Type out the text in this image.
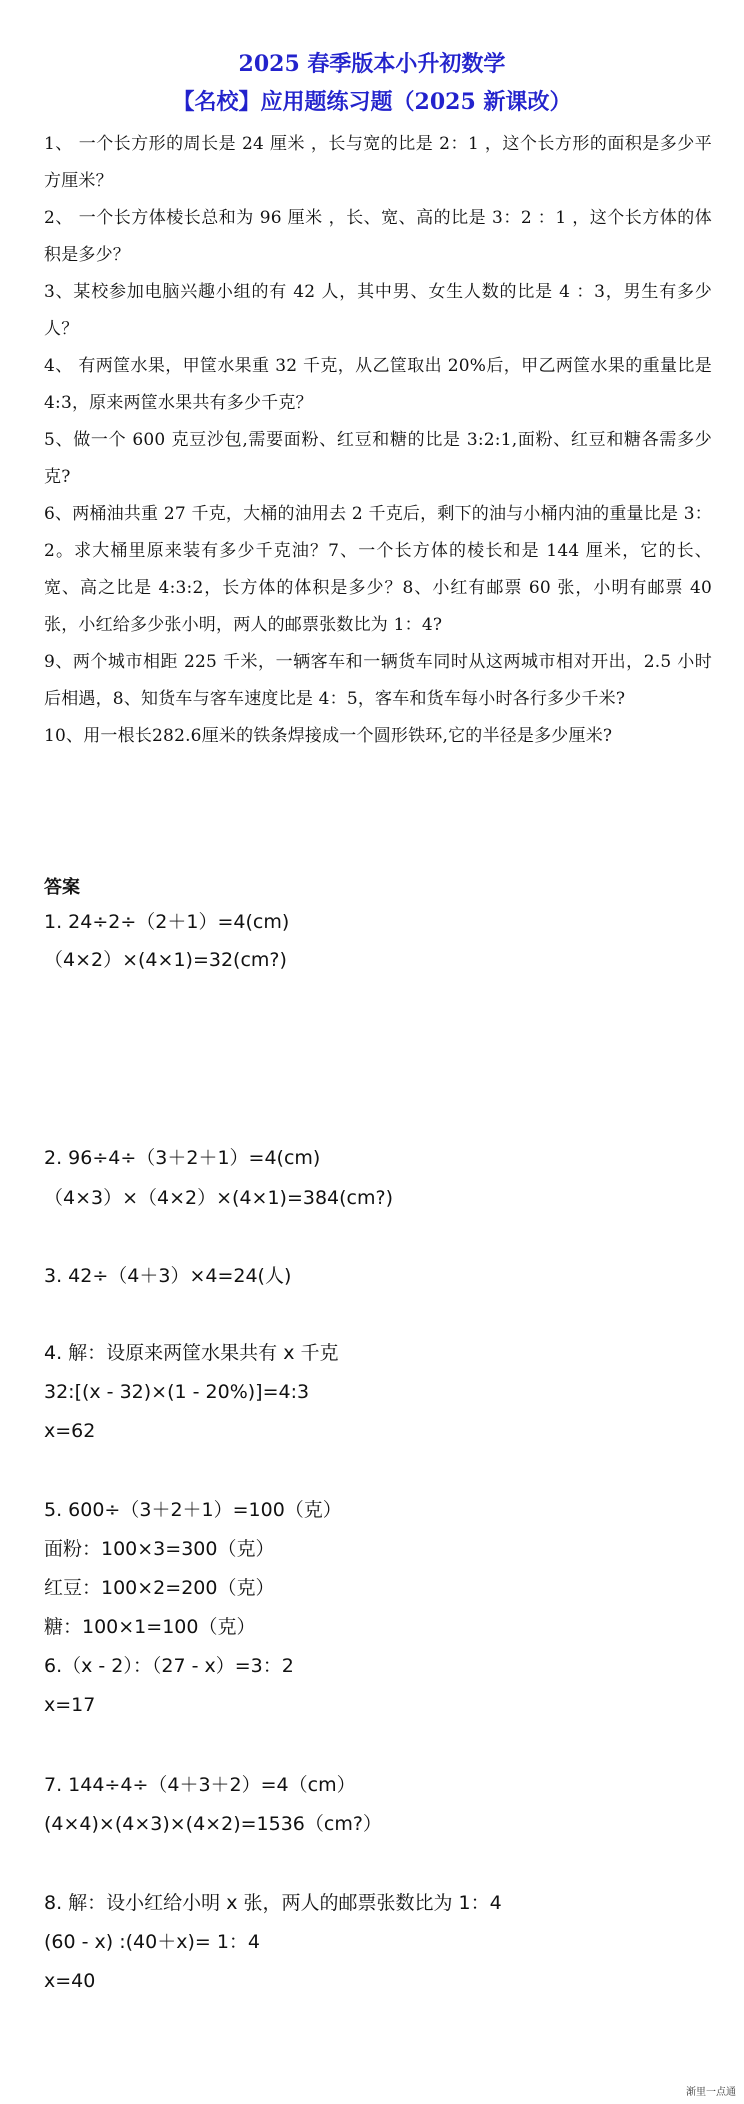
2025 春季版本小升初数学
【名校】应用题练习题（2025 新课改）
1、 一个长方形的周长是 24 厘米 ，长与宽的比是 2：1 ，这个长方形的面积是多少平方厘米？
2、 一个长方体棱长总和为 96 厘米 ，长、宽、高的比是 3：2 ：1 ，这个长方体的体积是多少？
3、某校参加电脑兴趣小组的有 42 人，其中男、女生人数的比是 4 ：3，男生有多少人？
4、 有两筐水果，甲筐水果重 32 千克，从乙筐取出 20%后，甲乙两筐水果的重量比是 4:3，原来两筐水果共有多少千克？
5、做一个 600 克豆沙包,需要面粉、红豆和糖的比是 3:2:1,面粉、红豆和糖各需多少克?
6、两桶油共重 27 千克，大桶的油用去 2 千克后，剩下的油与小桶内油的重量比是 3：2。求大桶里原来装有多少千克油？7、一个长方体的棱长和是 144 厘米，它的长、宽、高之比是 4:3:2，长方体的体积是多少？8、小红有邮票 60 张，小明有邮票 40 张，小红给多少张小明，两人的邮票张数比为 1：4?
9、两个城市相距 225 千米，一辆客车和一辆货车同时从这两城市相对开出，2.5 小时后相遇，8、知货车与客车速度比是 4：5，客车和货车每小时各行多少千米?
10、用一根长282.6厘米的铁条焊接成一个圆形铁环,它的半径是多少厘米?
答案

1. 24÷2÷（2＋1）=4(cm)

（4×2）×(4×1)=32(cm?)

2. 96÷4÷（3＋2＋1）=4(cm)

（4×3）×（4×2）×(4×1)=384(cm?)

3. 42÷（4＋3）×4=24(人)

4. 解：设原来两筐水果共有 x 千克

32:[(x - 32)×(1 - 20%)]=4:3

x=62

5. 600÷（3＋2＋1）=100（克）

面粉：100×3=300（克）

红豆：100×2=200（克）

糖：100×1=100（克）

6.（x - 2）：（27 - x）=3：2

x=17

7. 144÷4÷（4＋3＋2）=4（cm）

(4×4)×(4×3)×(4×2)=1536（cm?）

8. 解：设小红给小明 x 张，两人的邮票张数比为 1：4

(60 - x) :(40＋x)= 1：4

x=40

渐里一点通
